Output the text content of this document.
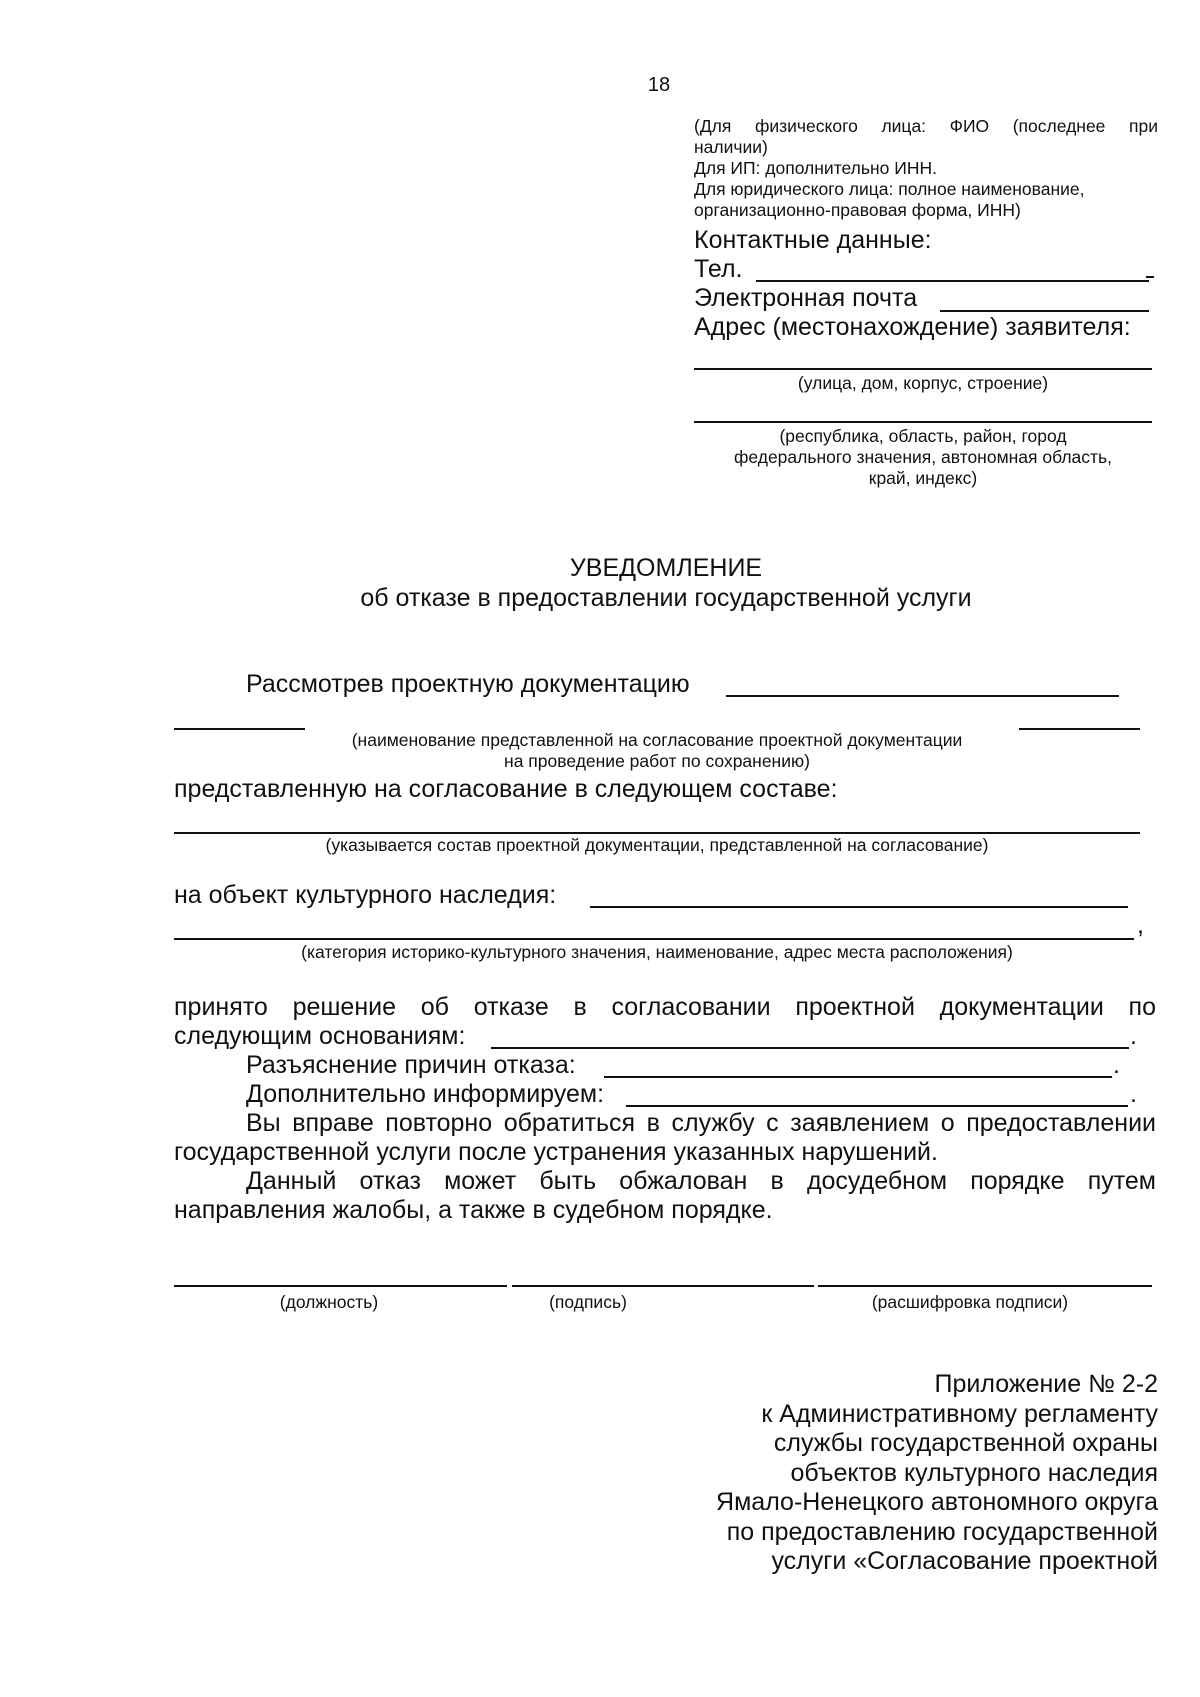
18
(Для физического лица: ФИО (последнее при
наличии)
Для ИП: дополнительно ИНН.
Для юридического лица: полное наименование,
организационно-правовая форма, ИНН)
Контактные данные:
Тел.
Электронная почта
Адрес (местонахождение) заявителя:
(улица, дом, корпус, строение)
(республика, область, район, город
федерального значения, автономная область,
край, индекс)
УВЕДОМЛЕНИЕ
об отказе в предоставлении государственной услуги
Рассмотрев проектную документацию
(наименование представленной на согласование проектной документации
на проведение работ по сохранению)
представленную на согласование в следующем составе:
(указывается состав проектной документации, представленной на согласование)
на объект культурного наследия:
,
(категория историко-культурного значения, наименование, адрес места расположения)
принято решение об отказе в согласовании проектной документации по
следующим основаниям:	.
Разъяснение причин отказа:	.
Дополнительно информируем:	.
Вы вправе повторно обратиться в службу с заявлением о предоставлении
государственной услуги после устранения указанных нарушений.
Данный отказ может быть обжалован в досудебном порядке путем
направления жалобы, а также в судебном порядке.
(должность)	(подпись)	(расшифровка подписи)
Приложение № 2-2
к Административному регламенту
службы государственной охраны
объектов культурного наследия
Ямало-Ненецкого автономного округа
по предоставлению государственной
услуги «Согласование проектной
